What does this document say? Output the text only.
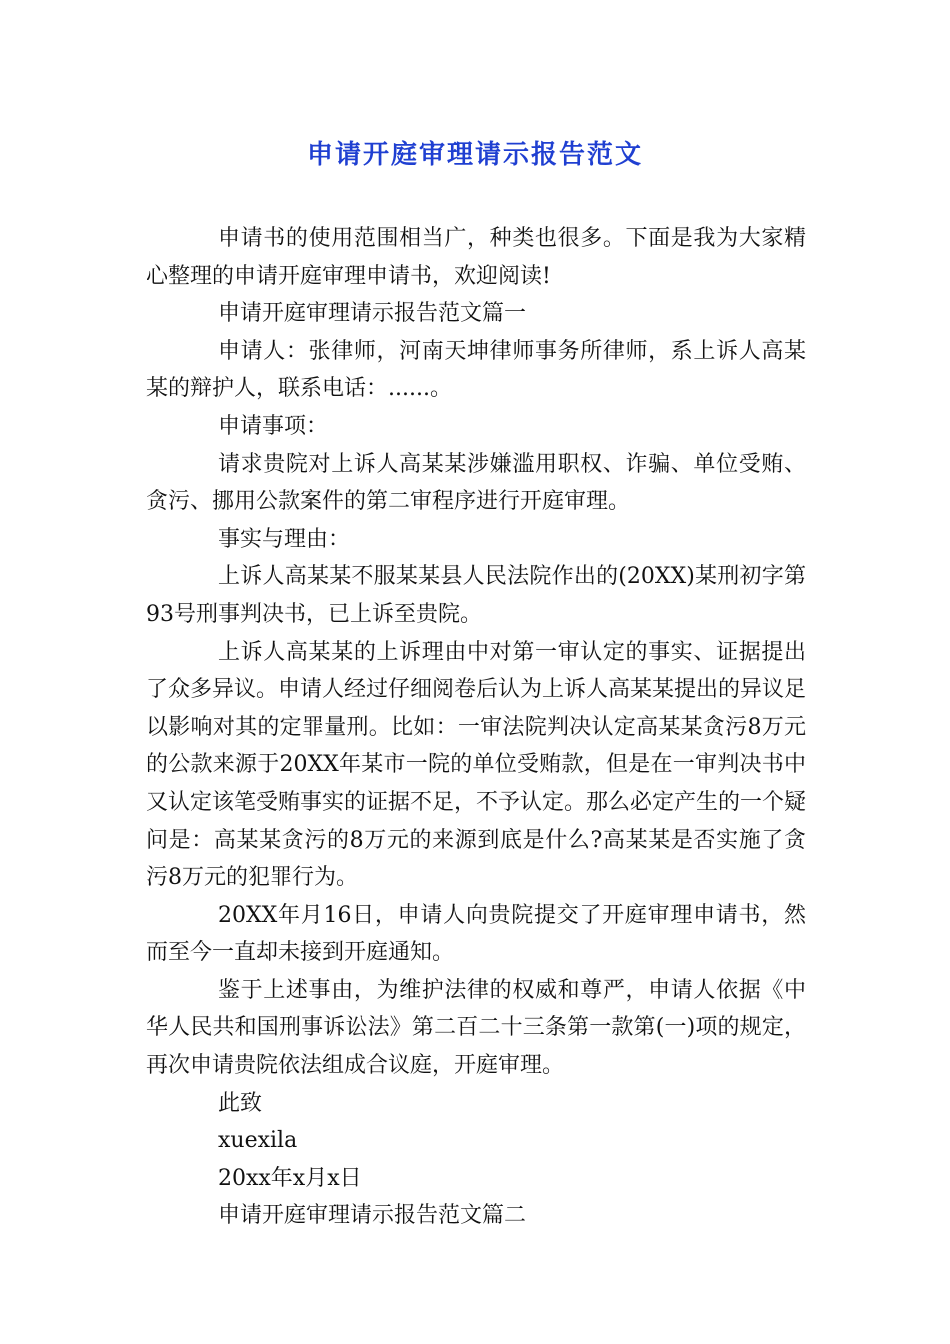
申请开庭审理请示报告范文

申请书的使用范围相当广，种类也很多。下面是我为大家精心整理的申请开庭审理申请书，欢迎阅读!

申请开庭审理请示报告范文篇一

申请人：张律师，河南天坤律师事务所律师，系上诉人高某某的辩护人，联系电话：......。

申请事项：

请求贵院对上诉人高某某涉嫌滥用职权、诈骗、单位受贿、贪污、挪用公款案件的第二审程序进行开庭审理。

事实与理由：

上诉人高某某不服某某县人民法院作出的(20XX)某刑初字第93号刑事判决书，已上诉至贵院。

上诉人高某某的上诉理由中对第一审认定的事实、证据提出了众多异议。申请人经过仔细阅卷后认为上诉人高某某提出的异议足以影响对其的定罪量刑。比如：一审法院判决认定高某某贪污8万元的公款来源于20XX年某市一院的单位受贿款，但是在一审判决书中又认定该笔受贿事实的证据不足，不予认定。那么必定产生的一个疑问是：高某某贪污的8万元的来源到底是什么?高某某是否实施了贪污8万元的犯罪行为。

20XX年月16日，申请人向贵院提交了开庭审理申请书，然而至今一直却未接到开庭通知。

鉴于上述事由，为维护法律的权威和尊严，申请人依据《中华人民共和国刑事诉讼法》第二百二十三条第一款第(一)项的规定，再次申请贵院依法组成合议庭，开庭审理。

此致

xuexila

20xx年x月x日

申请开庭审理请示报告范文篇二
